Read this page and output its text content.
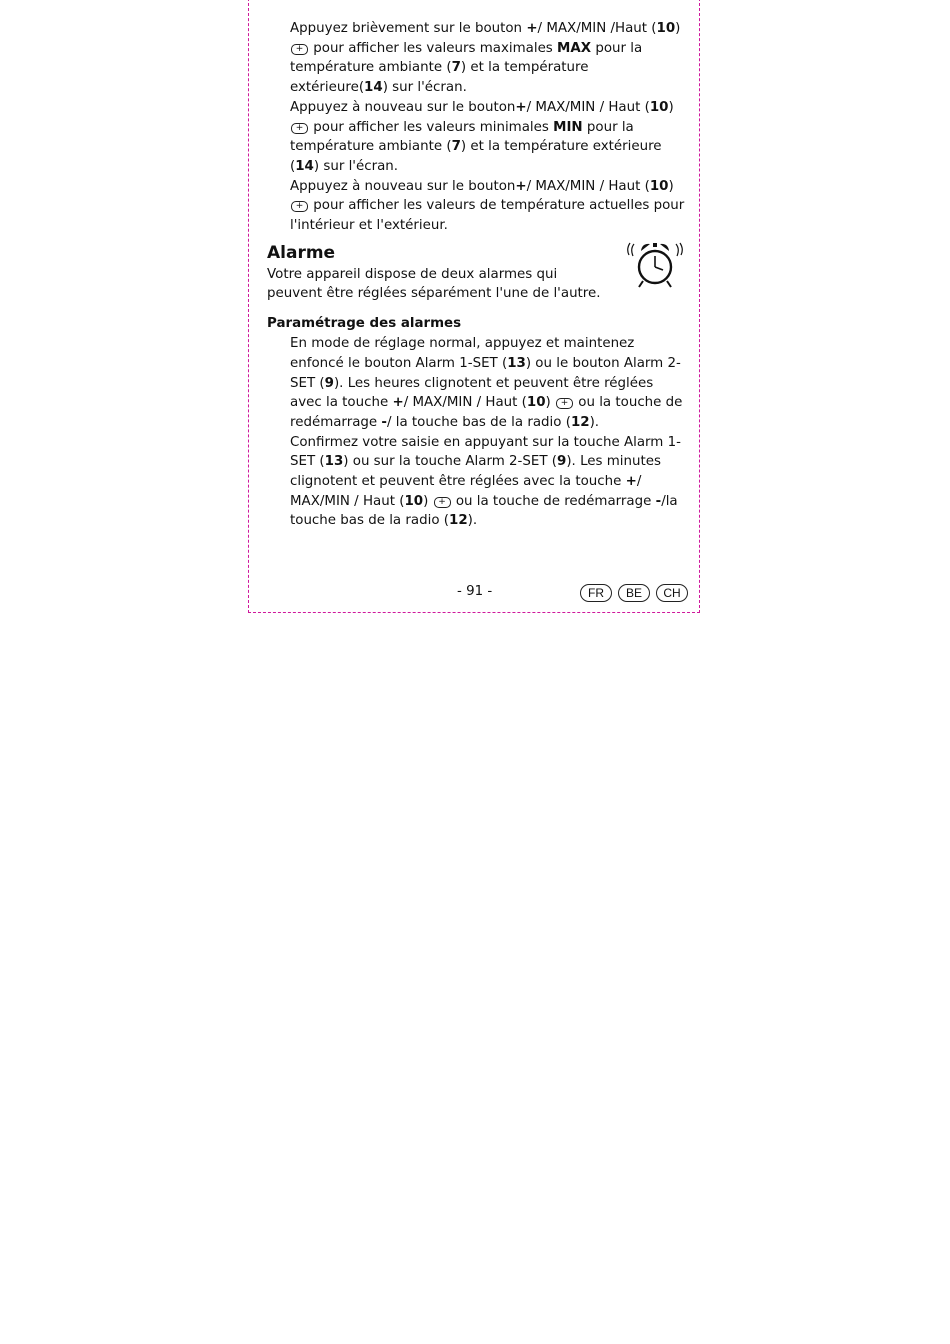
Appuyez brièvement sur le bouton +/ MAX/MIN /Haut (10) + pour afficher les valeurs maximales MAX pour la température ambiante (7) et la température extérieure(14) sur l'écran.

Appuyez à nouveau sur le bouton+/ MAX/MIN / Haut (10) + pour afficher les valeurs minimales MIN pour la température ambiante (7) et la température extérieure (14) sur l'écran.

Appuyez à nouveau sur le bouton+/ MAX/MIN / Haut (10) + pour afficher les valeurs de température actuelles pour l'intérieur et l'extérieur.

Alarme

Votre appareil dispose de deux alarmes qui peuvent être réglées séparément l'une de l'autre.

Paramétrage des alarmes

En mode de réglage normal, appuyez et maintenez enfoncé le bouton Alarm 1-SET (13) ou le bouton Alarm 2-SET (9). Les heures clignotent et peuvent être réglées avec la touche +/ MAX/MIN / Haut (10) + ou la touche de redémarrage -/ la touche bas de la radio (12).

Confirmez votre saisie en appuyant sur la touche Alarm 1-SET (13) ou sur la touche Alarm 2-SET (9). Les minutes clignotent et peuvent être réglées avec la touche +/ MAX/MIN / Haut (10) + ou la touche de redémarrage -/la touche bas de la radio (12).

- 91 -	FR	BE	CH
